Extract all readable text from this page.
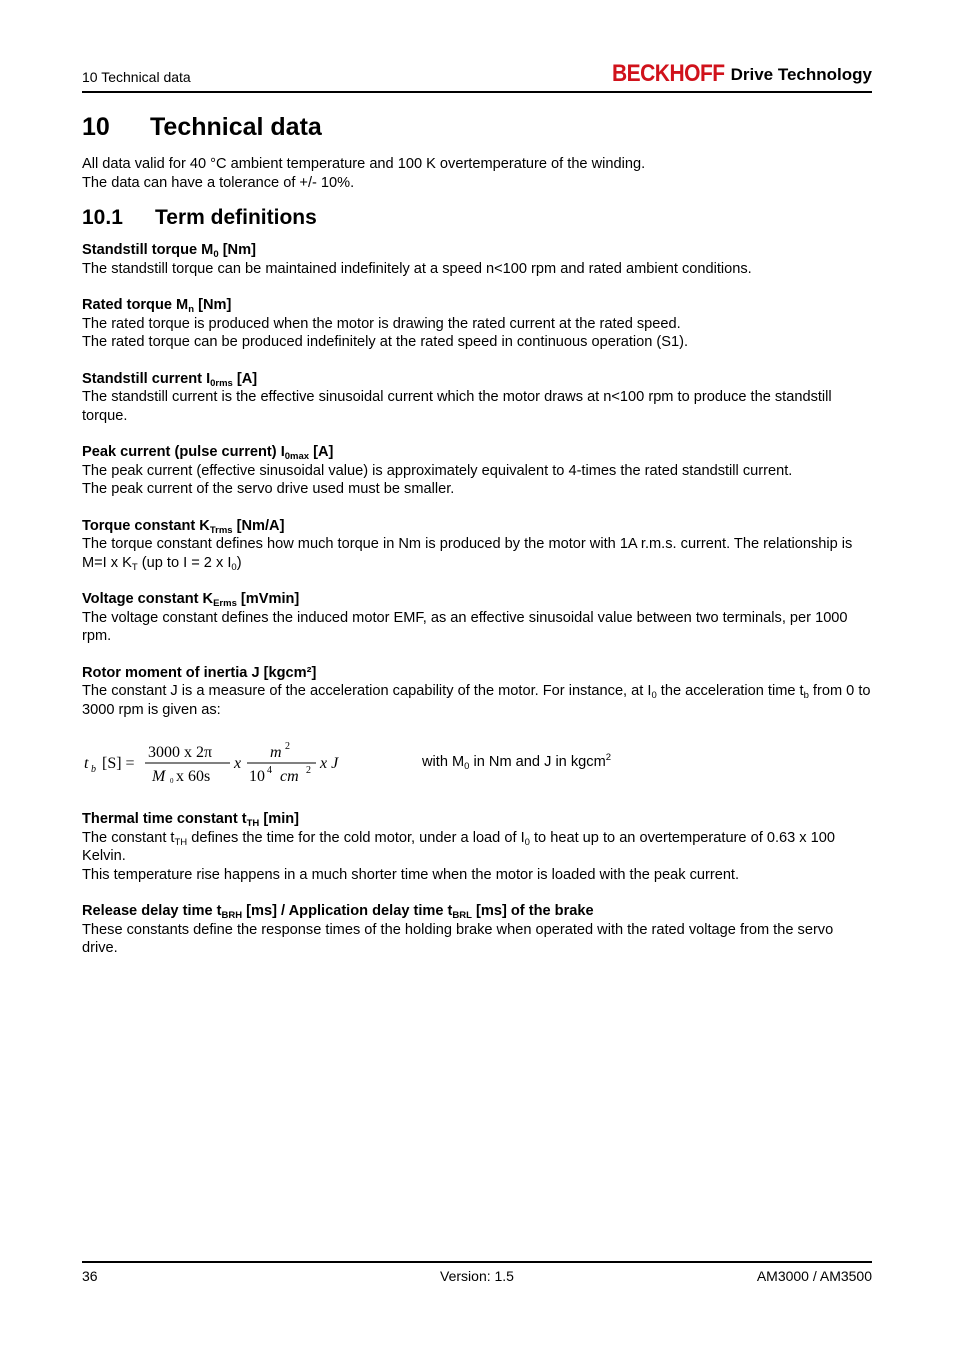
10 Technical data	BECKHOFF Drive Technology
10	Technical data

All data valid for 40 °C ambient temperature and 100 K overtemperature of the winding.

The data can have a tolerance of +/- 10%.

10.1	Term definitions

Standstill torque $M_0$ [Nm]

The standstill torque can be maintained indefinitely at a speed n<100 rpm and rated ambient conditions.

Rated torque $M_n$ [Nm]

The rated torque is produced when the motor is drawing the rated current at the rated speed.

The rated torque can be produced indefinitely at the rated speed in continuous operation (S1).

Standstill current $I_{0rms}$ [A]

The standstill current is the effective sinusoidal current which the motor draws at n<100 rpm to produce the standstill torque.

Peak current (pulse current) $I_{0max}$ [A]

The peak current (effective sinusoidal value) is approximately equivalent to 4-times the rated standstill current.

The peak current of the servo drive used must be smaller.

Torque constant $K_{Trms}$ [Nm/A]

The torque constant defines how much torque in Nm is produced by the motor with 1A r.m.s. current. The relationship is M=I x $K_T$ (up to I = 2 x $I_0$)

Voltage constant $K_{Erms}$ [mVmin]

The voltage constant defines the induced motor EMF, as an effective sinusoidal value between two terminals, per 1000 rpm.

Rotor moment of inertia J [kgcm²]

The constant J is a measure of the acceleration capability of the motor. For instance, at $I_0$ the acceleration time $t_b$ from 0 to 3000 rpm is given as:

t b [S] =
3000 x 2π
M 0 x 60s
x
m 2
10 4 cm 2 x J	with $M_0$ in Nm and J in kgcm$^2$

Thermal time constant $t_{TH}$ [min]

The constant $t_{TH}$ defines the time for the cold motor, under a load of $I_0$ to heat up to an overtemperature of 0.63 x 100 Kelvin.

This temperature rise happens in a much shorter time when the motor is loaded with the peak current.

Release delay time $t_{BRH}$ [ms] / Application delay time $t_{BRL}$ [ms] of the brake

These constants define the response times of the holding brake when operated with the rated voltage from the servo drive.

36	Version: 1.5	AM3000 / AM3500
